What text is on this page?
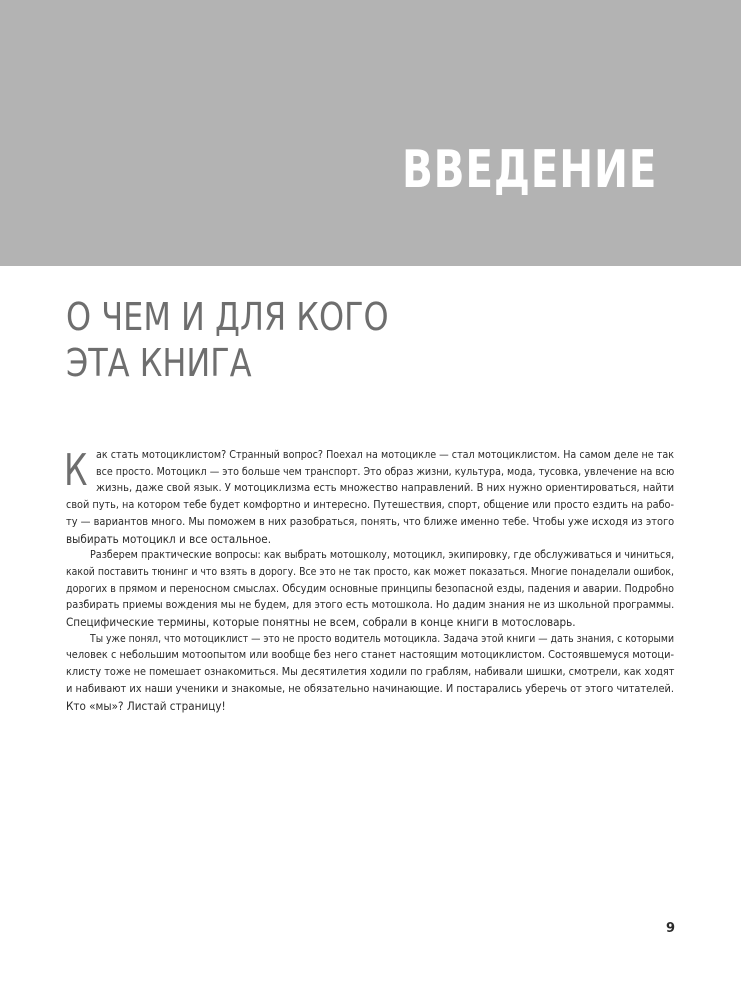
ВВЕДЕНИЕ
О ЧЕМ И ДЛЯ КОГО
ЭТА КНИГА
К ак стать мотоциклистом? Странный вопрос? Поехал на мотоцикле — стал мотоциклистом. На самом деле не так
все просто. Мотоцикл — это больше чем транспорт. Это образ жизни, культура, мода, тусовка, увлечение на всю
жизнь, даже свой язык. У мотоциклизма есть множество направлений. В них нужно ориентироваться, найти
свой путь, на котором тебе будет комфортно и интересно. Путешествия, спорт, общение или просто ездить на рабо-
ту — вариантов много. Мы поможем в них разобраться, понять, что ближе именно тебе. Чтобы уже исходя из этого
выбирать мотоцикл и все остальное.

Разберем практические вопросы: как выбрать мотошколу, мотоцикл, экипировку, где обслуживаться и чиниться,
какой поставить тюнинг и что взять в дорогу. Все это не так просто, как может показаться. Многие понаделали ошибок,
дорогих в прямом и переносном смыслах. Обсудим основные принципы безопасной езды, падения и аварии. Подробно
разбирать приемы вождения мы не будем, для этого есть мотошкола. Но дадим знания не из школьной программы.
Специфические термины, которые понятны не всем, собрали в конце книги в мотословарь.

Ты уже понял, что мотоциклист — это не просто водитель мотоцикла. Задача этой книги — дать знания, с которыми
человек с небольшим мотоопытом или вообще без него станет настоящим мотоциклистом. Состоявшемуся мотоци-
клисту тоже не помешает ознакомиться. Мы десятилетия ходили по граблям, набивали шишки, смотрели, как ходят
и набивают их наши ученики и знакомые, не обязательно начинающие. И постарались уберечь от этого читателей.
Кто «мы»? Листай страницу!

9
